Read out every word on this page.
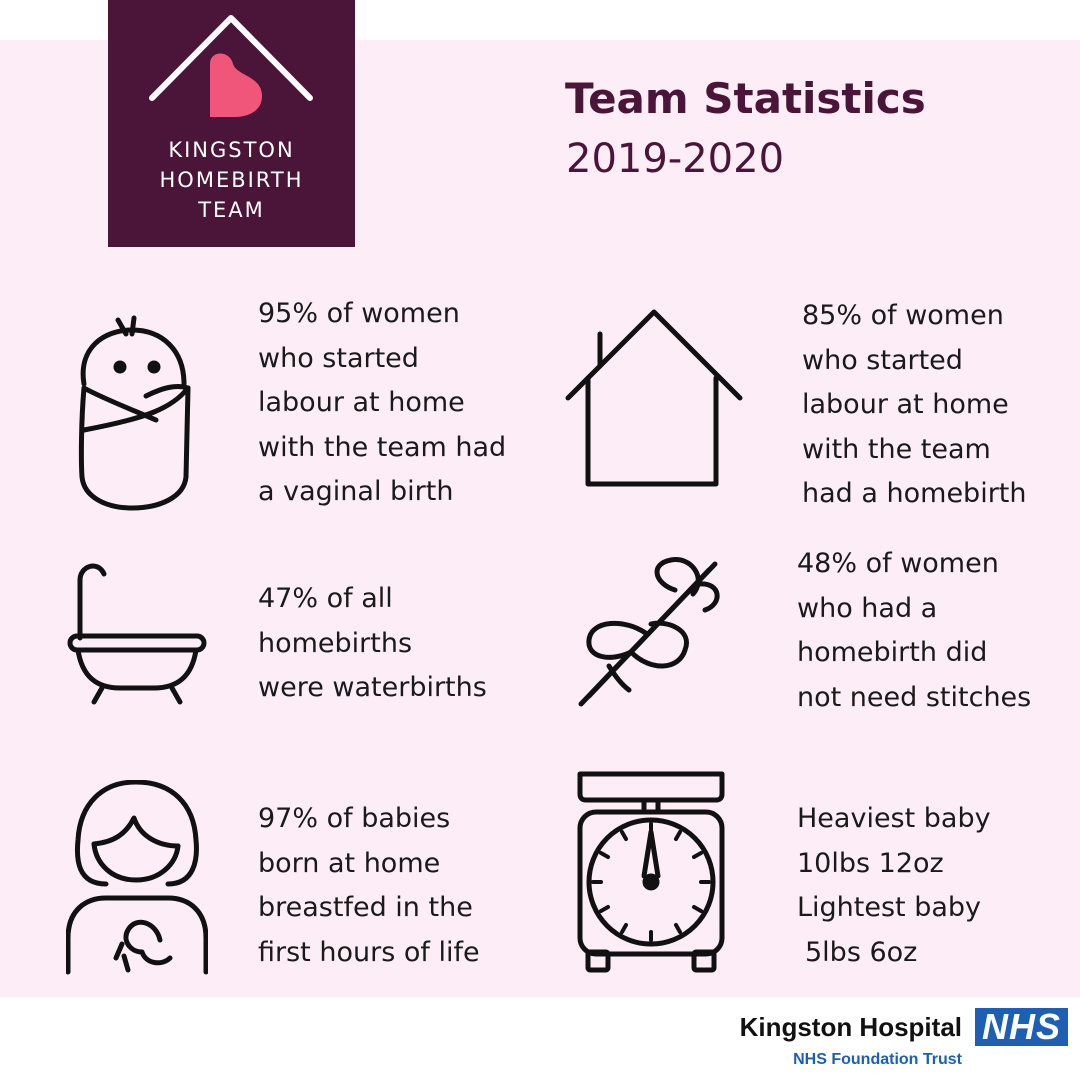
KINGSTON
HOMEBIRTH
TEAM
Team Statistics
2019-2020
95% of women
who started
labour at home
with the team had
a vaginal birth
85% of women
who started
labour at home
with the team
had a homebirth
47% of all
homebirths
were waterbirths
48% of women
who had a
homebirth did
not need stitches
97% of babies
born at home
breastfed in the
first hours of life
Heaviest baby
10lbs 12oz
Lightest baby
5lbs 6oz
Kingston Hospital
NHS Foundation Trust
NHS
